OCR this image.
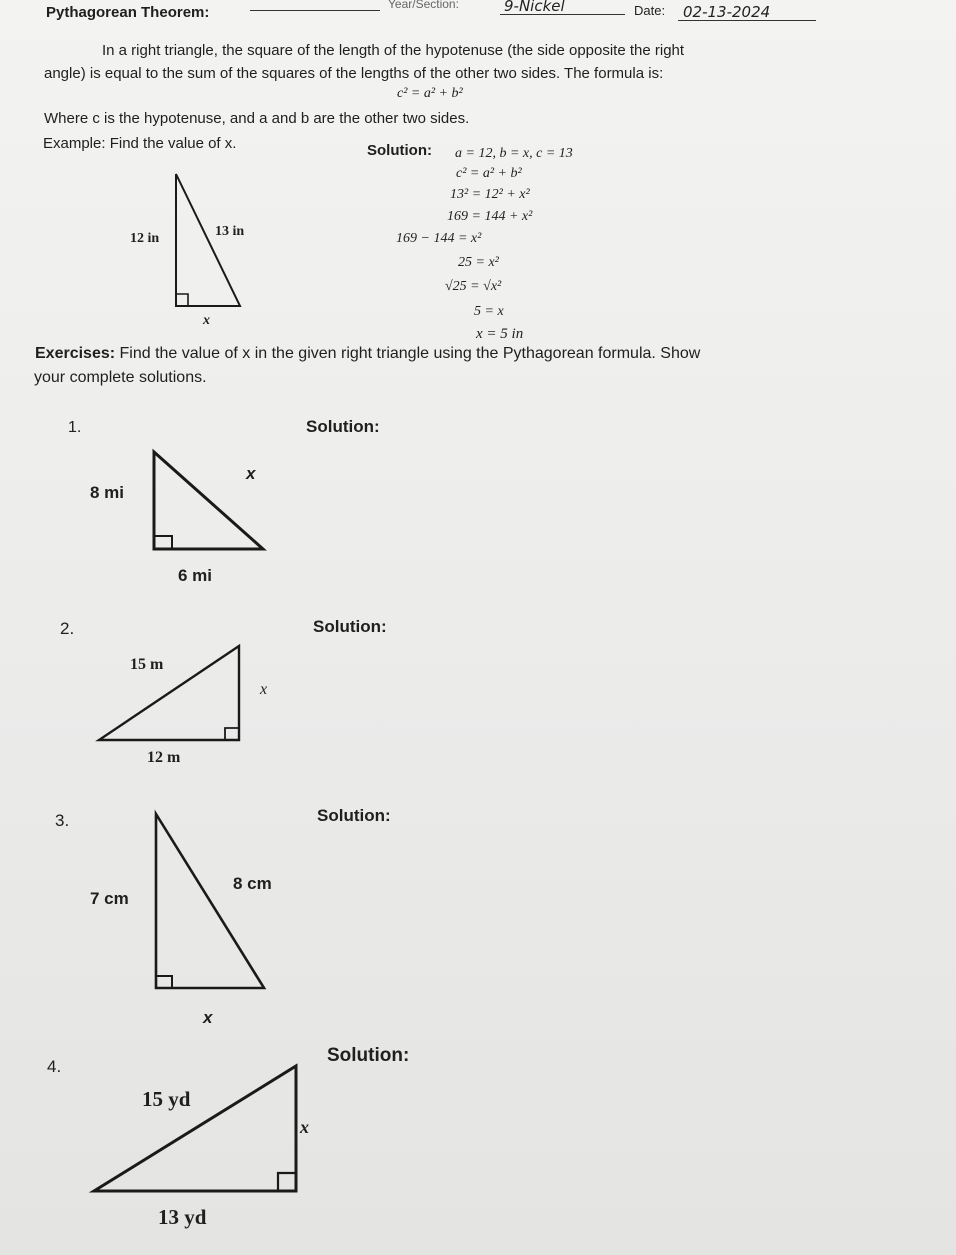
Pythagorean Theorem:	Year/Section:	9-Nickel	Date: 02-13-2024
In a right triangle, the square of the length of the hypotenuse (the side opposite the right
angle) is equal to the sum of the squares of the lengths of the other two sides. The formula is:
c² = a² + b²
Where c is the hypotenuse, and a and b are the other two sides.
Example: Find the value of x.	Solution: a = 12, b = x, c = 13
c² = a² + b²
13² = 12² + x²
169 = 144 + x²
169 − 144 = x²
25 = x²
√25 = √x²
5 = x
x = 5 in
12 in	13 in
x
Exercises: Find the value of x in the given right triangle using the Pythagorean formula. Show
your complete solutions.
1.	Solution:
8 mi
x
6 mi
2.	Solution:
15 m
x
12 m
3.	Solution:
7 cm
8 cm
x
4.
Solution:
15 yd
x
13 yd
